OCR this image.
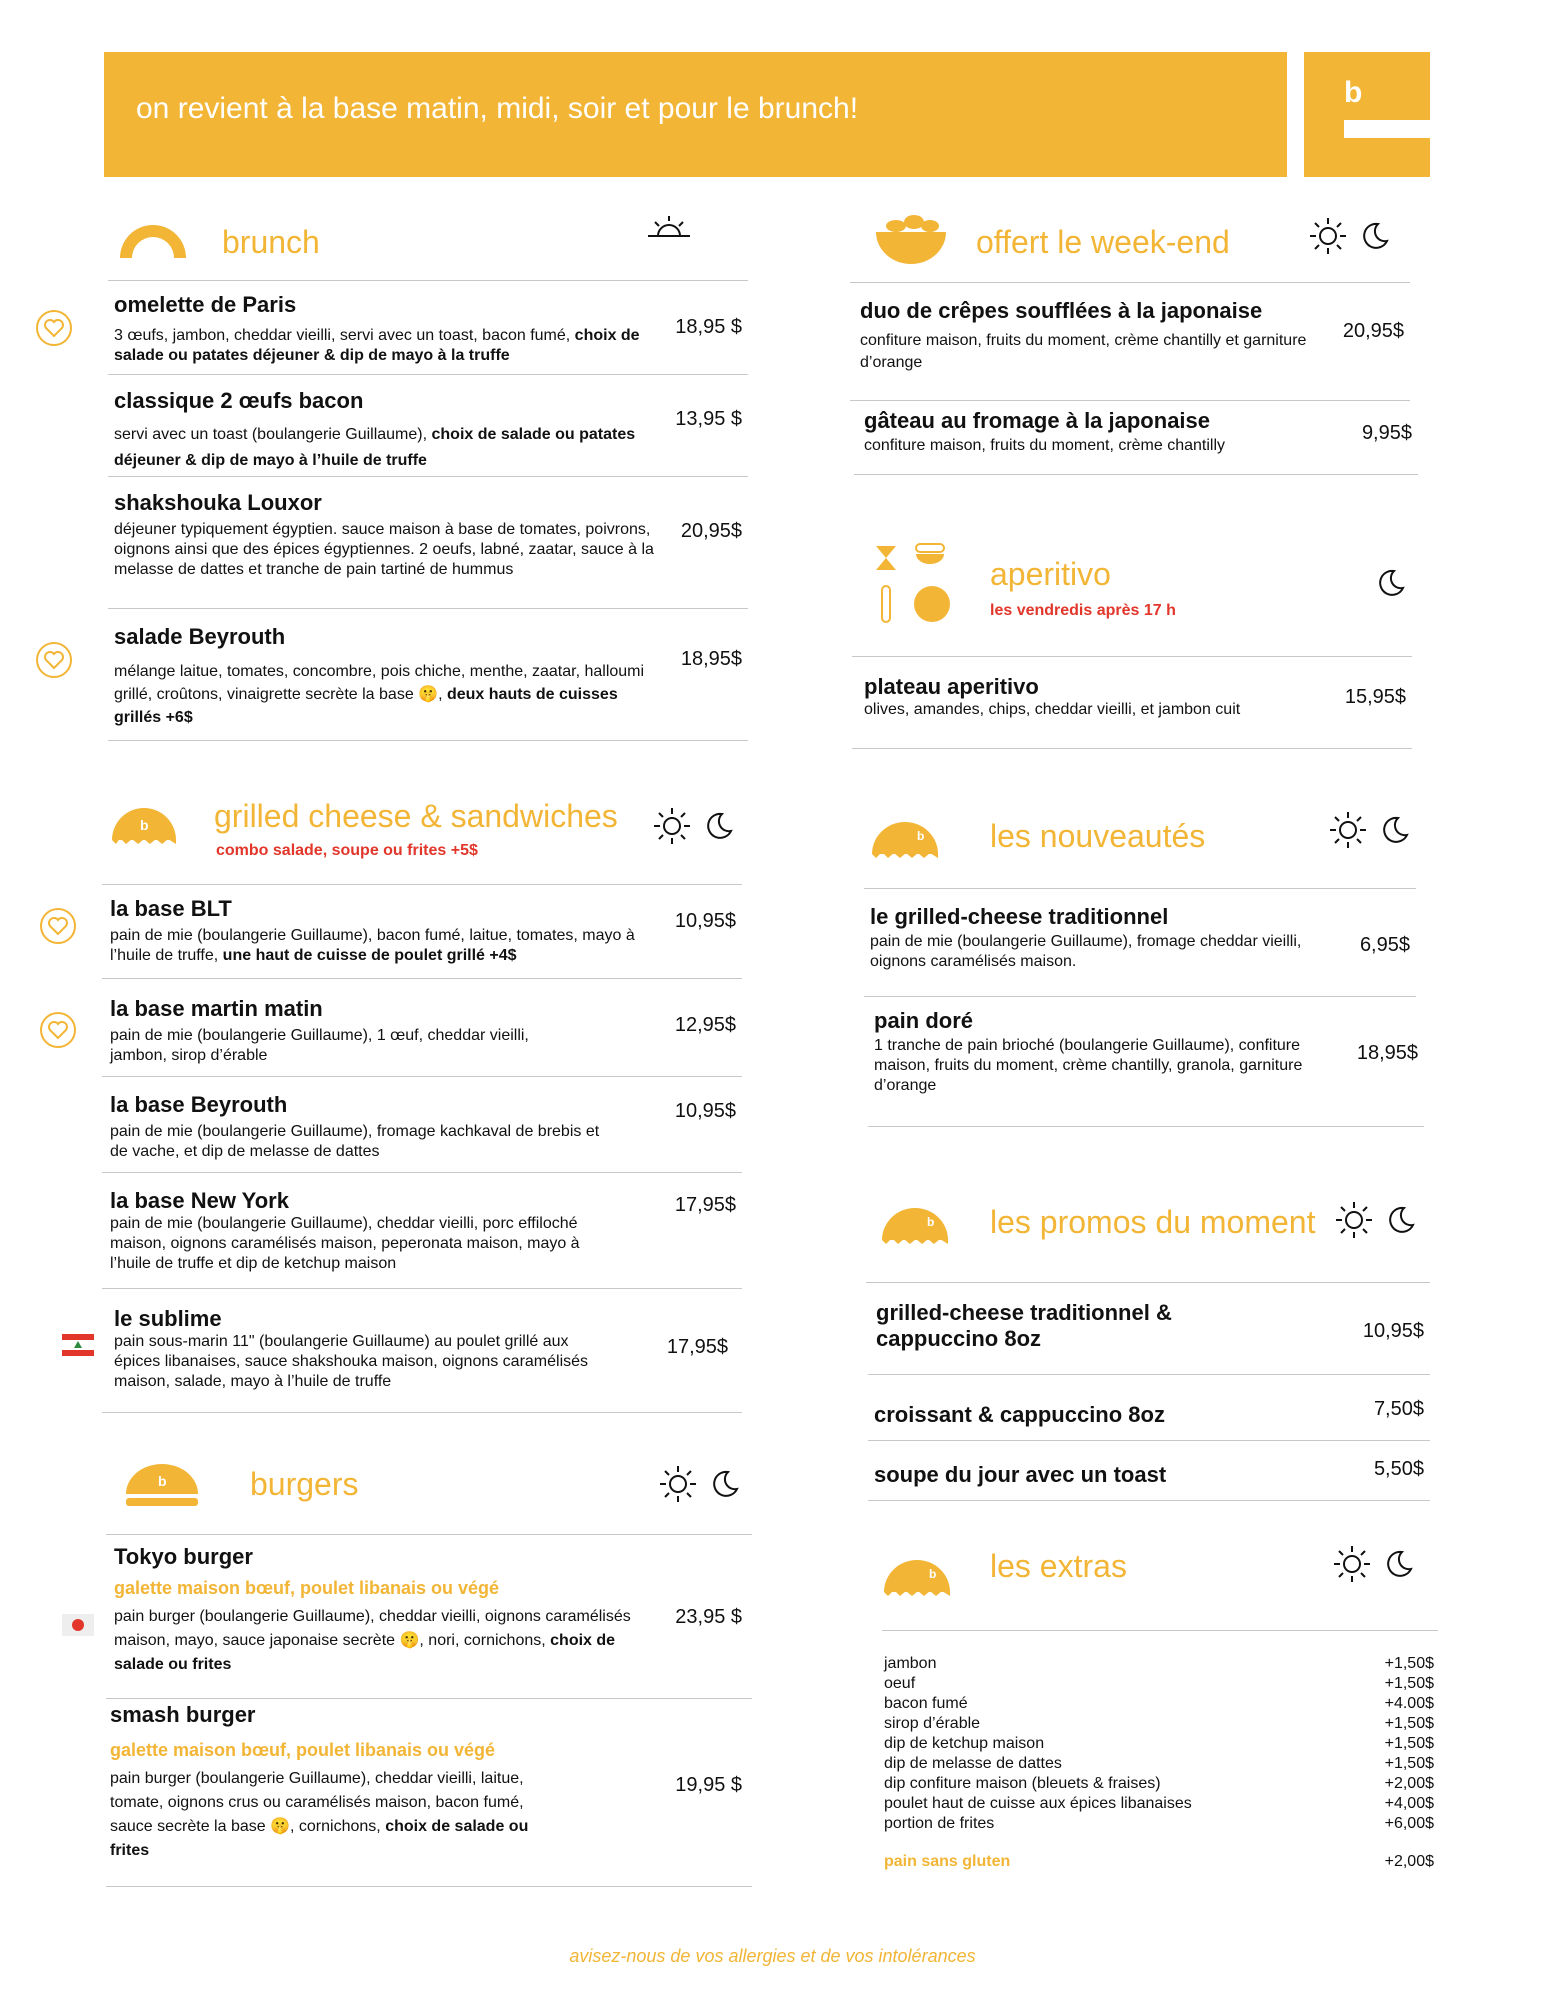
on revient à la base matin, midi, soir et pour le brunch!	b
brunch
omelette de Paris
3 œufs, jambon, cheddar vieilli, servi avec un toast, bacon fumé, choix de salade ou patates déjeuner & dip de mayo à la truffe
18,95 $
classique 2 œufs bacon
servi avec un toast (boulangerie Guillaume), choix de salade ou patates déjeuner & dip de mayo à l’huile de truffe
13,95 $
shakshouka Louxor
déjeuner typiquement égyptien. sauce maison à base de tomates, poivrons, oignons ainsi que des épices égyptiennes. 2 oeufs, labné, zaatar, sauce à la melasse de dattes et tranche de pain tartiné de hummus
20,95$
salade Beyrouth
mélange laitue, tomates, concombre, pois chiche, menthe, zaatar, halloumi grillé, croûtons, vinaigrette secrète la base 🤫, deux hauts de cuisses grillés +6$
18,95$
b grilled cheese & sandwiches
combo salade, soupe ou frites +5$
la base BLT
pain de mie (boulangerie Guillaume), bacon fumé, laitue, tomates, mayo à l’huile de truffe, une haut de cuisse de poulet grillé +4$
10,95$
la base martin matin
pain de mie (boulangerie Guillaume), 1 œuf, cheddar vieilli, jambon, sirop d’érable
12,95$
la base Beyrouth
pain de mie (boulangerie Guillaume), fromage kachkaval de brebis et de vache, et dip de melasse de dattes
10,95$
la base New York
pain de mie (boulangerie Guillaume), cheddar vieilli, porc effiloché maison, oignons caramélisés maison, peperonata maison, mayo à l’huile de truffe et dip de ketchup maison
17,95$
le sublime
pain sous-marin 11" (boulangerie Guillaume) au poulet grillé aux épices libanaises, sauce shakshouka maison, oignons caramélisés maison, salade, mayo à l’huile de truffe
17,95$
b	burgers
Tokyo burger
galette maison bœuf, poulet libanais ou végé
pain burger (boulangerie Guillaume), cheddar vieilli, oignons caramélisés maison, mayo, sauce japonaise secrète 🤫, nori, cornichons, choix de salade ou frites
23,95 $
smash burger
galette maison bœuf, poulet libanais ou végé
pain burger (boulangerie Guillaume), cheddar vieilli, laitue, tomate, oignons crus ou caramélisés maison, bacon fumé, sauce secrète la base 🤫, cornichons, choix de salade ou frites
19,95 $
offert le week-end
duo de crêpes soufflées à la japonaise
confiture maison, fruits du moment, crème chantilly et garniture d’orange
20,95$
gâteau au fromage à la japonaise
confiture maison, fruits du moment, crème chantilly
9,95$
aperitivo
les vendredis après 17 h
plateau aperitivo
olives, amandes, chips, cheddar vieilli, et jambon cuit
15,95$
b les nouveautés
le grilled-cheese traditionnel
pain de mie (boulangerie Guillaume), fromage cheddar vieilli, oignons caramélisés maison.
6,95$
pain doré
1 tranche de pain brioché (boulangerie Guillaume), confiture maison, fruits du moment, crème chantilly, granola, garniture d’orange
18,95$
b les promos du moment
grilled-cheese traditionnel & cappuccino 8oz	10,95$
croissant & cappuccino 8oz	7,50$
soupe du jour avec un toast	5,50$
b les extras
jambon	+1,50$
oeuf	+1,50$
bacon fumé	+4.00$
sirop d’érable	+1,50$
dip de ketchup maison	+1,50$
dip de melasse de dattes	+1,50$
dip confiture maison (bleuets & fraises)	+2,00$
poulet haut de cuisse aux épices libanaises	+4,00$
portion de frites	+6,00$
pain sans gluten	+2,00$
avisez-nous de vos allergies et de vos intolérances
